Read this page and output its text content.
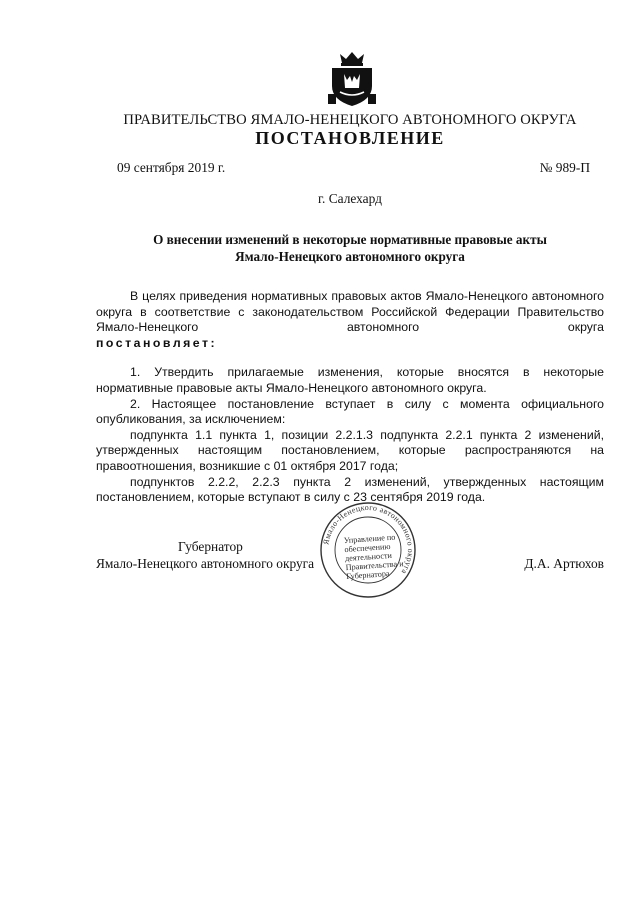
ПРАВИТЕЛЬСТВО ЯМАЛО-НЕНЕЦКОГО АВТОНОМНОГО ОКРУГА
ПОСТАНОВЛЕНИЕ
09 сентября 2019 г.	№ 989-П
г. Салехард
О внесении изменений в некоторые нормативные правовые акты
Ямало-Ненецкого автономного округа

В целях приведения нормативных правовых актов Ямало-Ненецкого автономного округа в соответствие с законодательством Российской Федерации Правительство Ямало-Ненецкого автономного округа

постановляет:

1. Утвердить прилагаемые изменения, которые вносятся в некоторые нормативные правовые акты Ямало-Ненецкого автономного округа.

2. Настоящее постановление вступает в силу с момента официального опубликования, за исключением:

подпункта 1.1 пункта 1, позиции 2.2.1.3 подпункта 2.2.1 пункта 2 изменений, утвержденных настоящим постановлением, которые распространяются на правоотношения, возникшие с 01 октября 2017 года;

подпунктов 2.2.2, 2.2.3 пункта 2 изменений, утвержденных настоящим постановлением, которые вступают в силу с 23 сентября 2019 года.

Губернатор
Ямало-Ненецкого автономного округа	Д.А. Артюхов
Ямало-Ненецкого автономного округа
Управление по обеспечению деятельности Правительства и Губернатора
